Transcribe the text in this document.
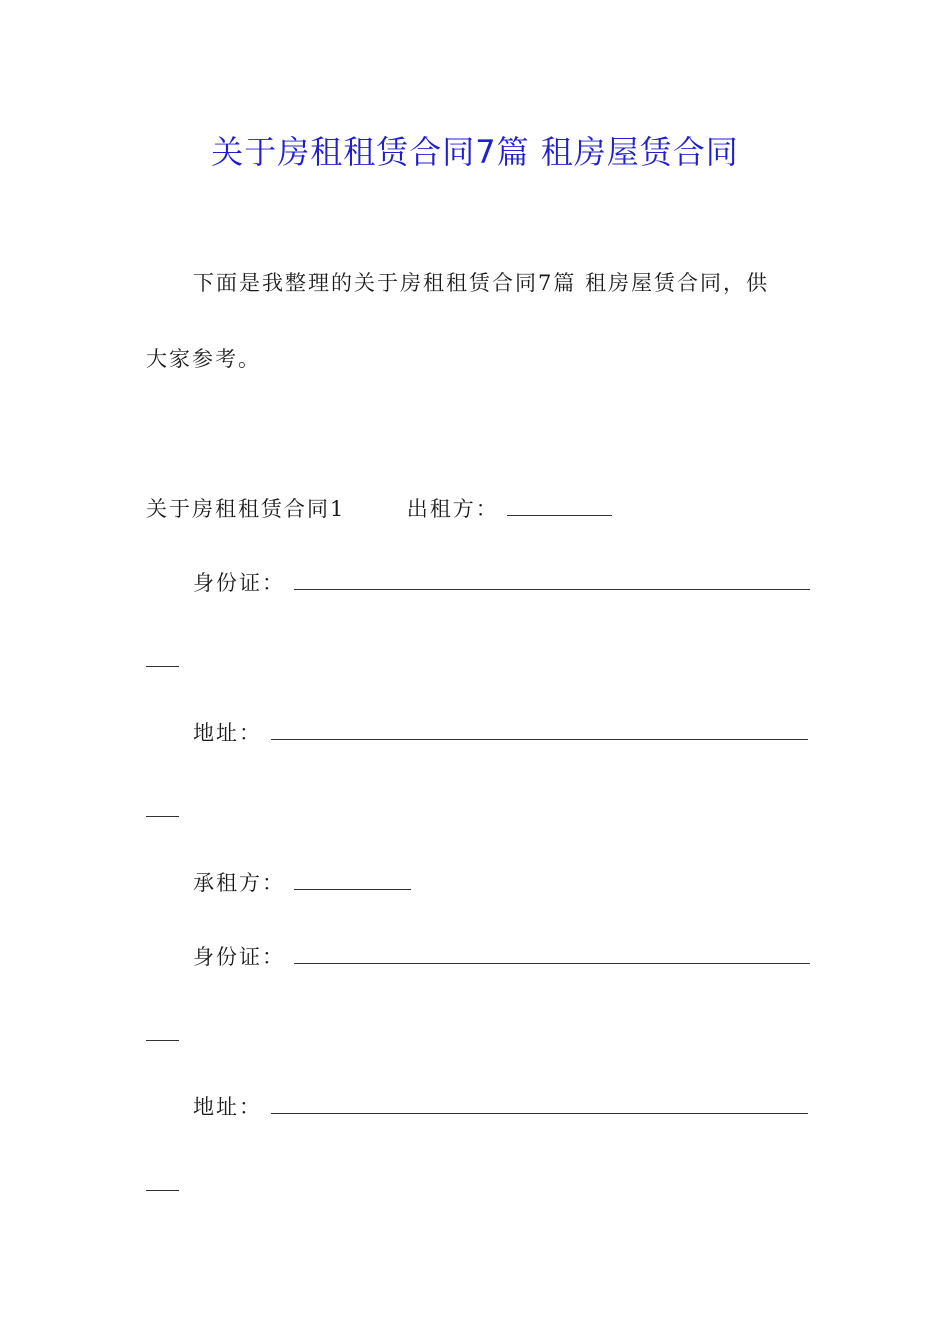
关于房租租赁合同7篇 租房屋赁合同
下面是我整理的关于房租租赁合同7篇 租房屋赁合同，供
大家参考。
关于房租租赁合同1	出租方：
身份证：
地址：
承租方：
身份证：
地址：
